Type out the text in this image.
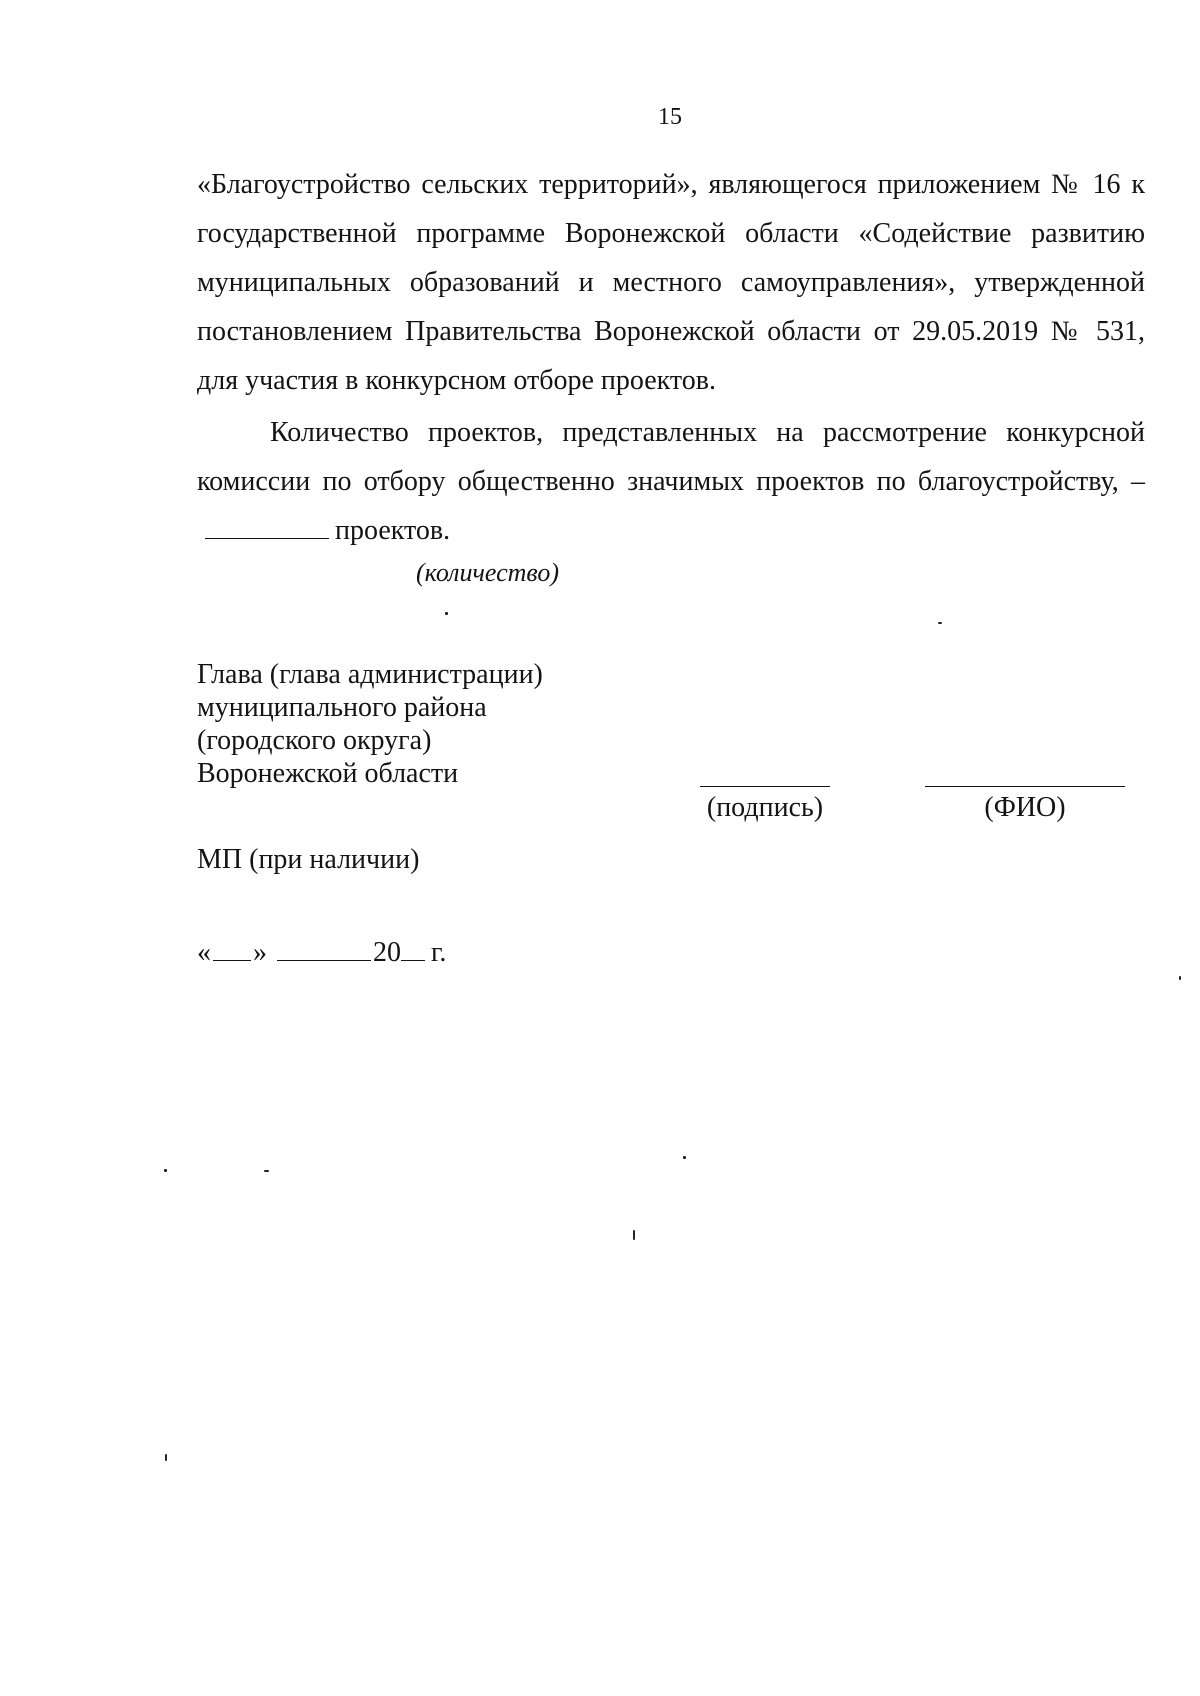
15
«Благоустройство сельских территорий», являющегося приложением № 16 к государственной программе Воронежской области «Содействие развитию муниципальных образований и местного самоуправления», утвержденной постановлением Правительства Воронежской области от 29.05.2019 № 531, для участия в конкурсном отборе проектов.
Количество проектов, представленных на рассмотрение конкурсной комиссии по отбору общественно значимых проектов по благоустройству, –проектов.
(количество)
Глава (глава администрации)
муниципального района
(городского округа)
Воронежской области
(подпись)	(ФИО)
МП (при наличии)
« »	20 г.
